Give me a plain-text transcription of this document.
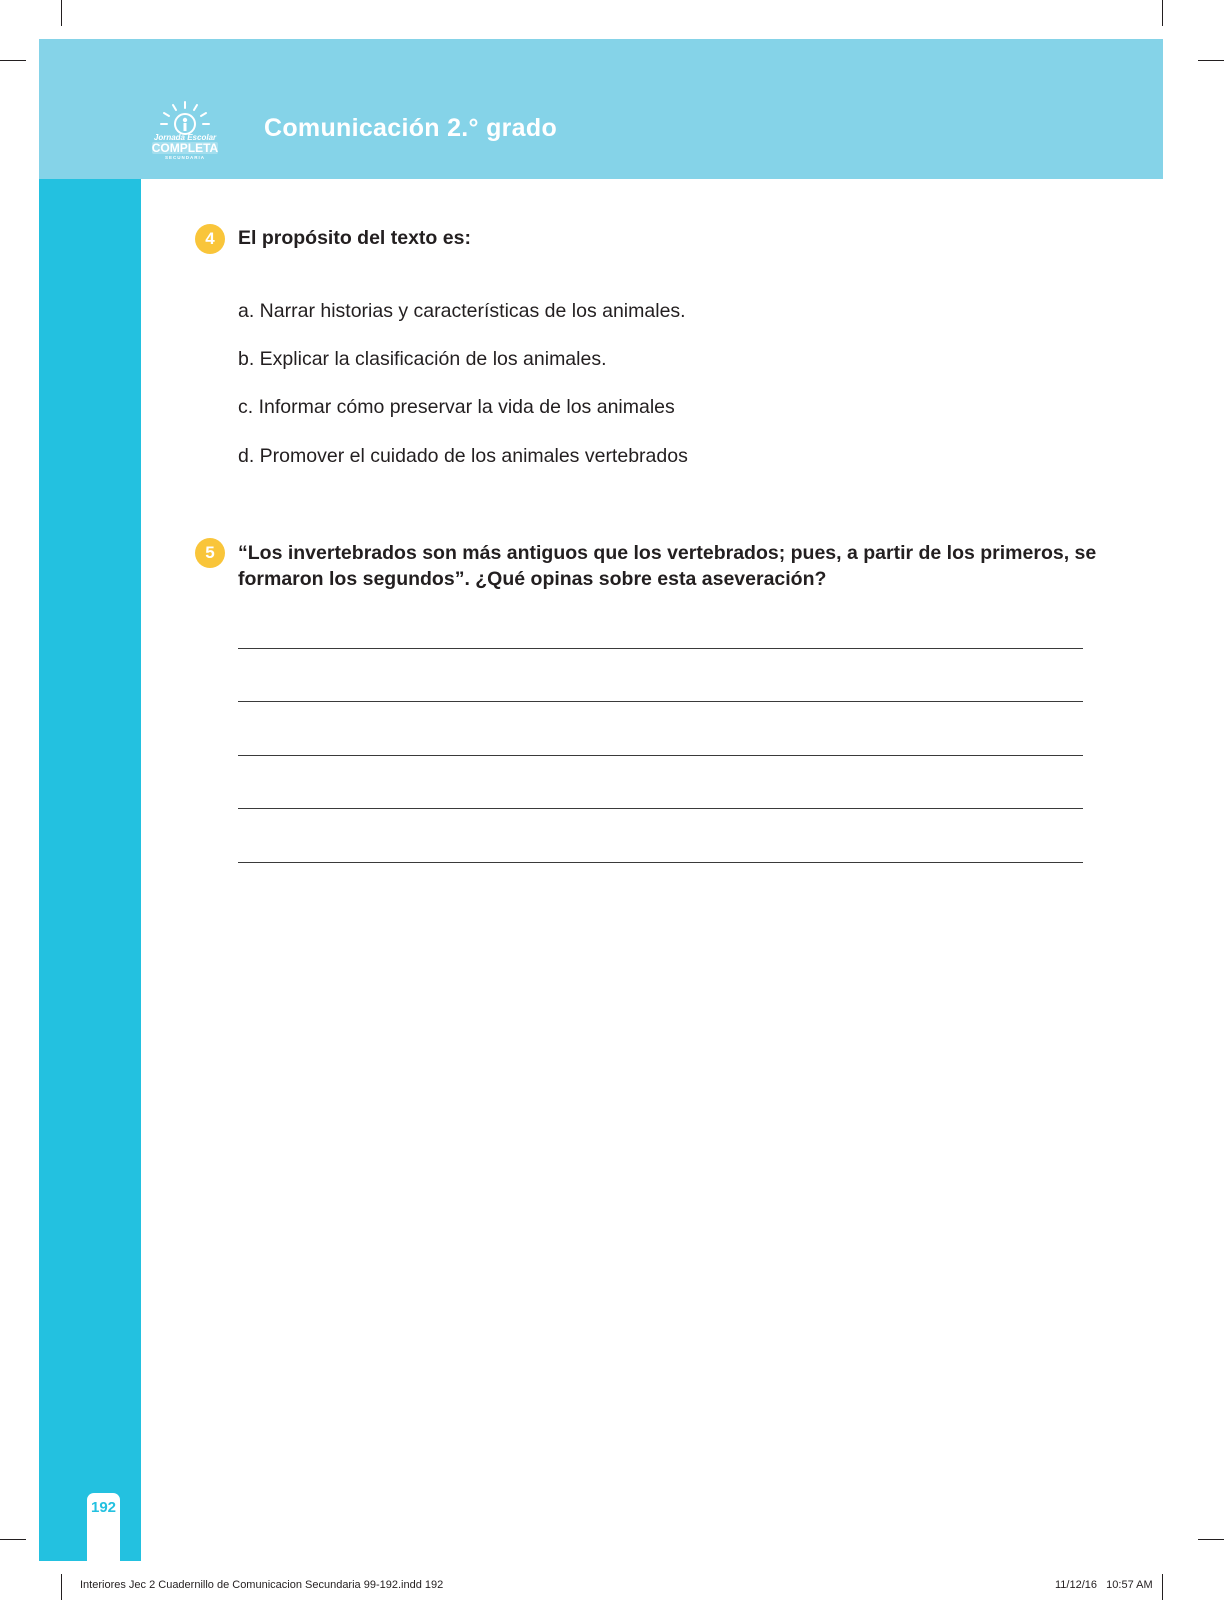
Jornada Escolar
COMPLETA
SECUNDARIA
Comunicación 2.° grado
192
4	El propósito del texto es:
a. Narrar historias y características de los animales.
b. Explicar la clasificación de los animales.
c. Informar cómo preservar la vida de los animales
d. Promover el cuidado de los animales vertebrados
5	“Los invertebrados son más antiguos que los vertebrados; pues, a partir de los primeros, se
formaron los segundos”. ¿Qué opinas sobre esta aseveración?
Interiores Jec 2 Cuadernillo de Comunicacion Secundaria 99-192.indd 192	11/12/16   10:57 AM
